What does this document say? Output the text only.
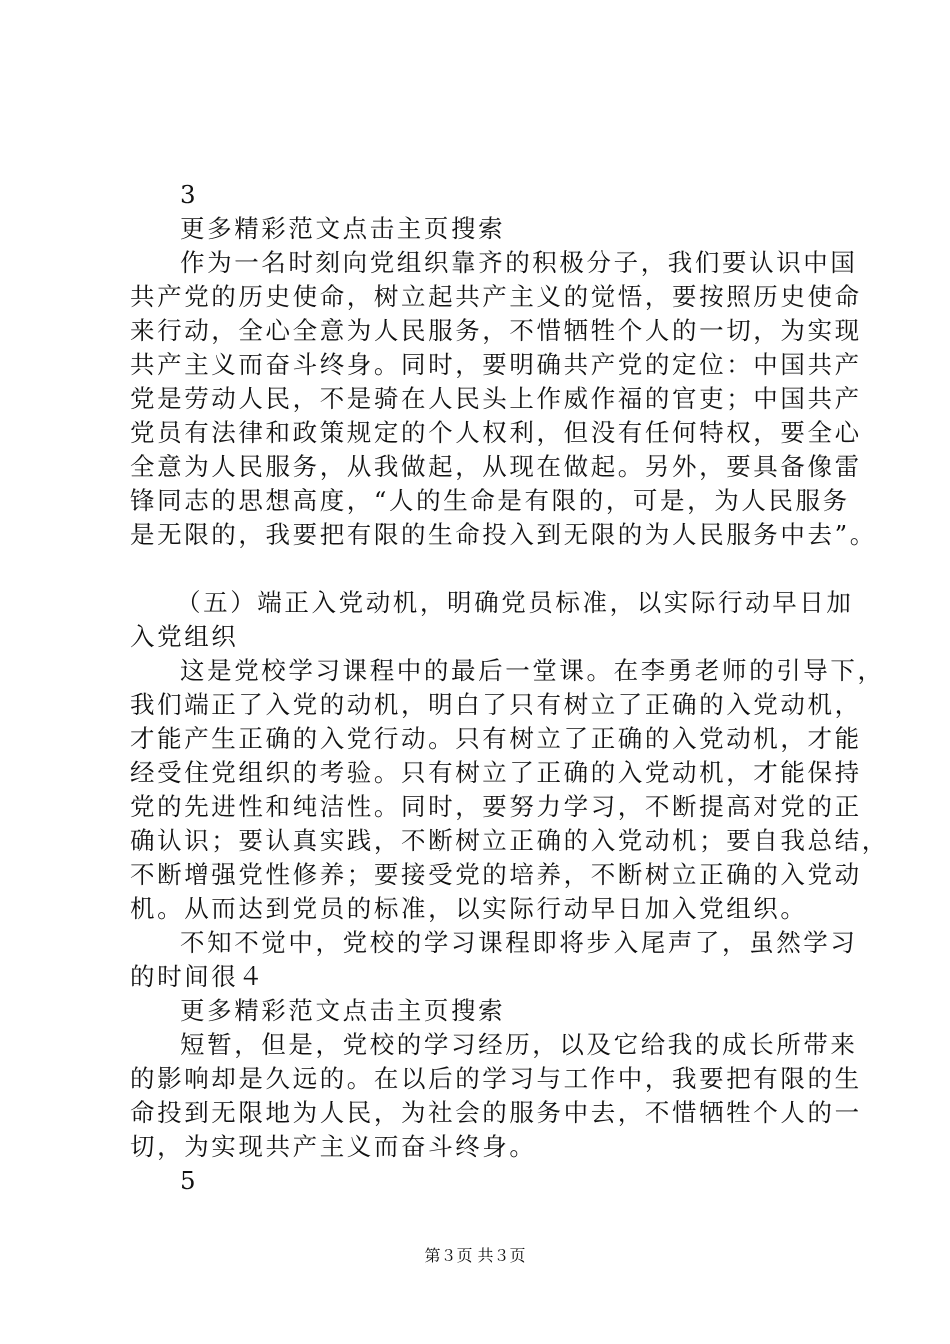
3
更多精彩范文点击主页搜索
作为一名时刻向党组织靠齐的积极分子，我们要认识中国
共产党的历史使命，树立起共产主义的觉悟，要按照历史使命
来行动，全心全意为人民服务，不惜牺牲个人的一切，为实现
共产主义而奋斗终身。同时，要明确共产党的定位：中国共产
党是劳动人民，不是骑在人民头上作威作福的官吏；中国共产
党员有法律和政策规定的个人权利，但没有任何特权，要全心
全意为人民服务，从我做起，从现在做起。另外，要具备像雷
锋同志的思想高度，“人的生命是有限的，可是，为人民服务
是无限的，我要把有限的生命投入到无限的为人民服务中去”。
（五）端正入党动机，明确党员标准，以实际行动早日加
入党组织
这是党校学习课程中的最后一堂课。在李勇老师的引导下，
我们端正了入党的动机，明白了只有树立了正确的入党动机，
才能产生正确的入党行动。只有树立了正确的入党动机，才能
经受住党组织的考验。只有树立了正确的入党动机，才能保持
党的先进性和纯洁性。同时，要努力学习，不断提高对党的正
确认识；要认真实践，不断树立正确的入党动机；要自我总结，
不断增强党性修养；要接受党的培养，不断树立正确的入党动
机。从而达到党员的标准，以实际行动早日加入党组织。
不知不觉中，党校的学习课程即将步入尾声了，虽然学习
的时间很４
更多精彩范文点击主页搜索
短暂，但是，党校的学习经历，以及它给我的成长所带来
的影响却是久远的。在以后的学习与工作中，我要把有限的生
命投到无限地为人民，为社会的服务中去，不惜牺牲个人的一
切，为实现共产主义而奋斗终身。
5
第３页 共３页
